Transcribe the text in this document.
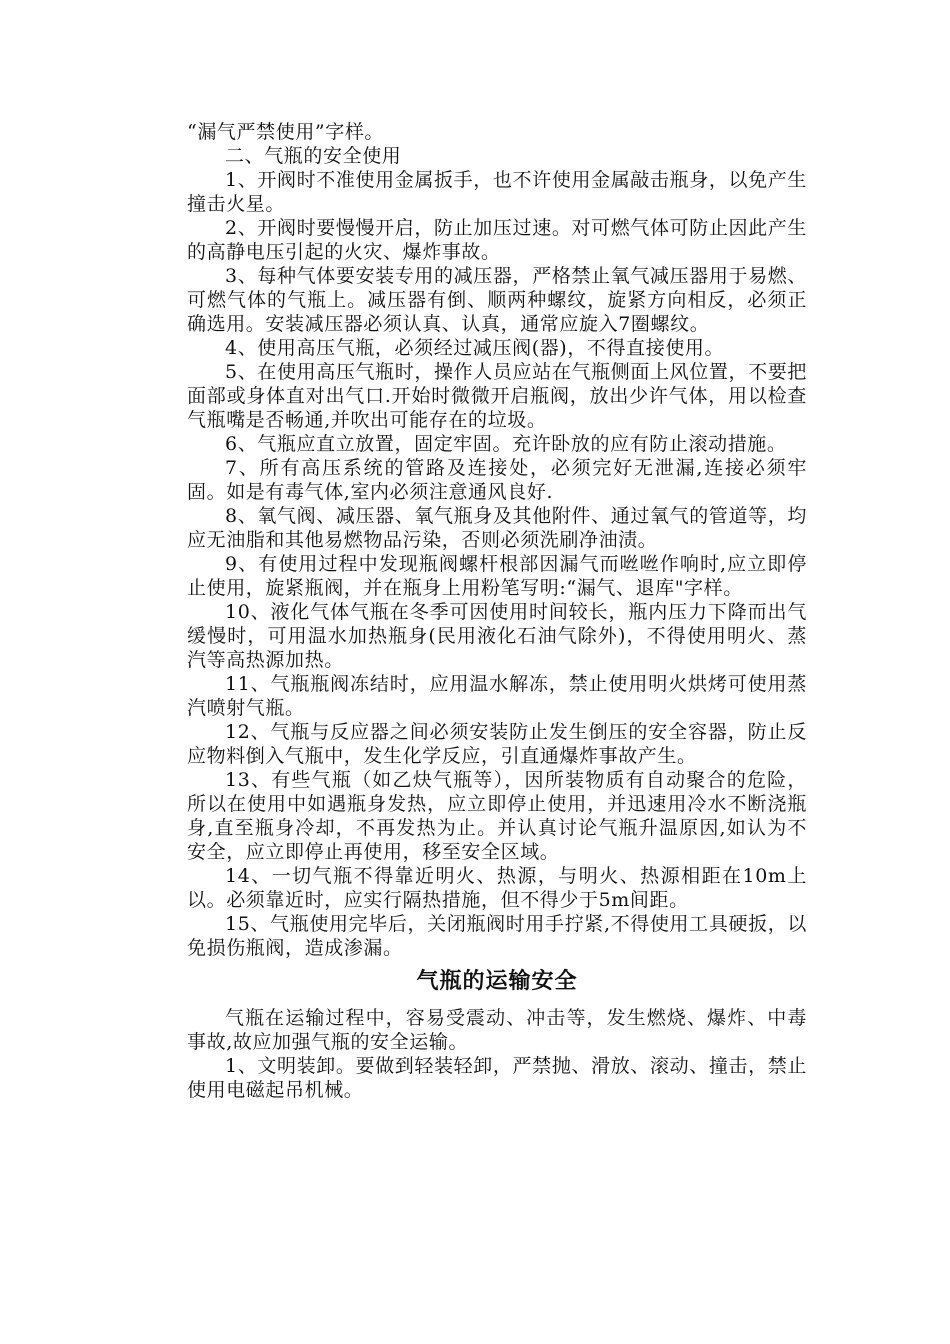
“漏气严禁使用”字样。

二、气瓶的安全使用

1、开阀时不准使用金属扳手，也不许使用金属敲击瓶身，以免产生撞击火星。

2、开阀时要慢慢开启，防止加压过速。对可燃气体可防止因此产生的高静电压引起的火灾、爆炸事故。

3、每种气体要安装专用的减压器，严格禁止氧气减压器用于易燃、可燃气体的气瓶上。减压器有倒、顺两种螺纹，旋紧方向相反，必须正确选用。安装减压器必须认真、认真，通常应旋入7圈螺纹。

4、使用高压气瓶，必须经过减压阀(器)，不得直接使用。

5、在使用高压气瓶时，操作人员应站在气瓶侧面上风位置，不要把面部或身体直对出气口.开始时微微开启瓶阀，放出少许气体，用以检查气瓶嘴是否畅通,并吹出可能存在的垃圾。

6、气瓶应直立放置，固定牢固。充许卧放的应有防止滚动措施。

7、所有高压系统的管路及连接处，必须完好无泄漏,连接必须牢固。如是有毒气体,室内必须注意通风良好.

8、氧气阀、减压器、氧气瓶身及其他附件、通过氧气的管道等，均应无油脂和其他易燃物品污染，否则必须洗刷净油渍。

9、有使用过程中发现瓶阀螺杆根部因漏气而咝咝作响时,应立即停止使用，旋紧瓶阀，并在瓶身上用粉笔写明:“漏气、退库"字样。

10、液化气体气瓶在冬季可因使用时间较长，瓶内压力下降而出气缓慢时，可用温水加热瓶身(民用液化石油气除外)，不得使用明火、蒸汽等高热源加热。

11、气瓶瓶阀冻结时，应用温水解冻，禁止使用明火烘烤可使用蒸汽喷射气瓶。

12、气瓶与反应器之间必须安装防止发生倒压的安全容器，防止反应物料倒入气瓶中，发生化学反应，引直通爆炸事故产生。

13、有些气瓶（如乙炔气瓶等），因所装物质有自动聚合的危险，所以在使用中如遇瓶身发热，应立即停止使用，并迅速用冷水不断浇瓶身,直至瓶身冷却，不再发热为止。并认真讨论气瓶升温原因,如认为不安全，应立即停止再使用，移至安全区域。

14、一切气瓶不得靠近明火、热源，与明火、热源相距在10m上以。必须靠近时，应实行隔热措施，但不得少于5m间距。

15、气瓶使用完毕后，关闭瓶阀时用手拧紧,不得使用工具硬扳，以免损伤瓶阀，造成渗漏。

气瓶的运输安全

气瓶在运输过程中，容易受震动、冲击等，发生燃烧、爆炸、中毒事故,故应加强气瓶的安全运输。

1、文明装卸。要做到轻装轻卸，严禁抛、滑放、滚动、撞击，禁止使用电磁起吊机械。
